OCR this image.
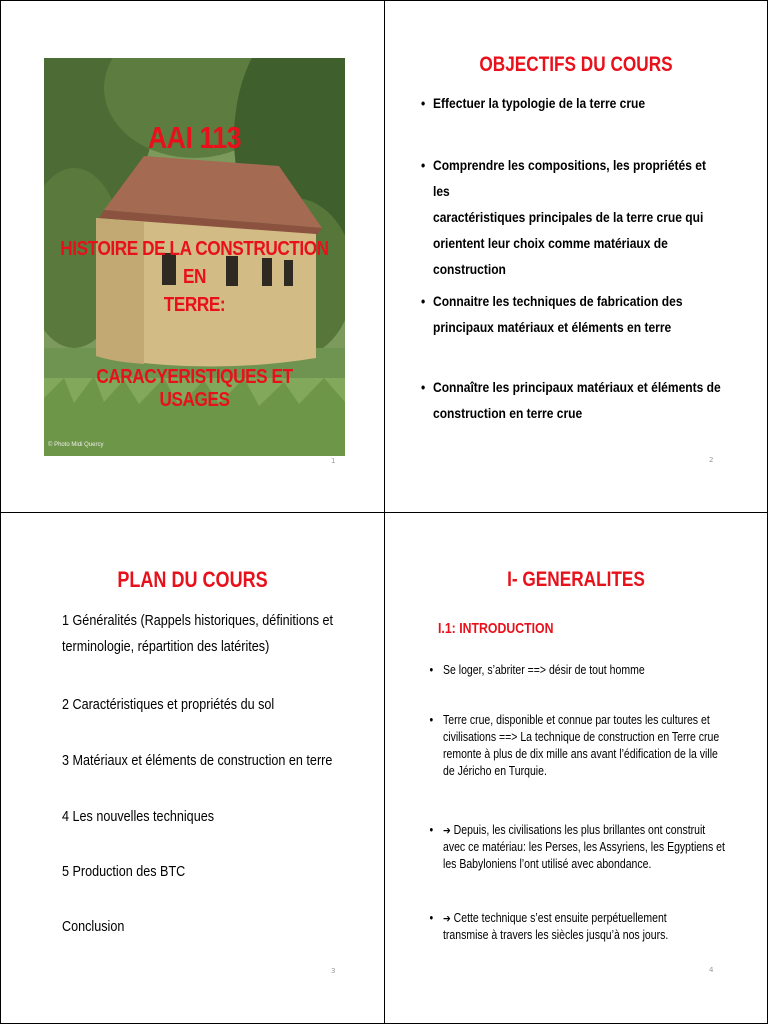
AAI 113
HISTOIRE DE LA CONSTRUCTION EN
TERRE:
CARACYERISTIQUES ET USAGES
© Photo Midi Quercy
1
OBJECTIFS DU COURS
• Effectuer la typologie de la terre crue
• Comprendre les compositions, les propriétés et les
caractéristiques principales de la terre crue qui
orientent leur choix comme matériaux de
construction
• Connaitre les techniques de fabrication des
principaux matériaux et éléments en terre
• Connaître les principaux matériaux et éléments de
construction en terre crue
2
PLAN DU COURS
1 Généralités (Rappels historiques, définitions et
terminologie, répartition des latérites)
2 Caractéristiques et propriétés du sol
3 Matériaux et éléments de construction en terre
4 Les nouvelles techniques
5 Production des BTC
Conclusion
3
I- GENERALITES
4
I.1: INTRODUCTION
• Se loger, s’abriter ==> désir de tout homme
• Terre crue, disponible et connue par toutes les cultures et
civilisations ==> La technique de construction en Terre crue
remonte à plus de dix mille ans avant l’édification de la ville
de Jéricho en Turquie.
• ➔ Depuis, les civilisations les plus brillantes ont construit
avec ce matériau: les Perses, les Assyriens, les Egyptiens et
les Babyloniens l’ont utilisé avec abondance.
• ➔ Cette technique s’est ensuite perpétuellement
transmise à travers les siècles jusqu’à nos jours.
